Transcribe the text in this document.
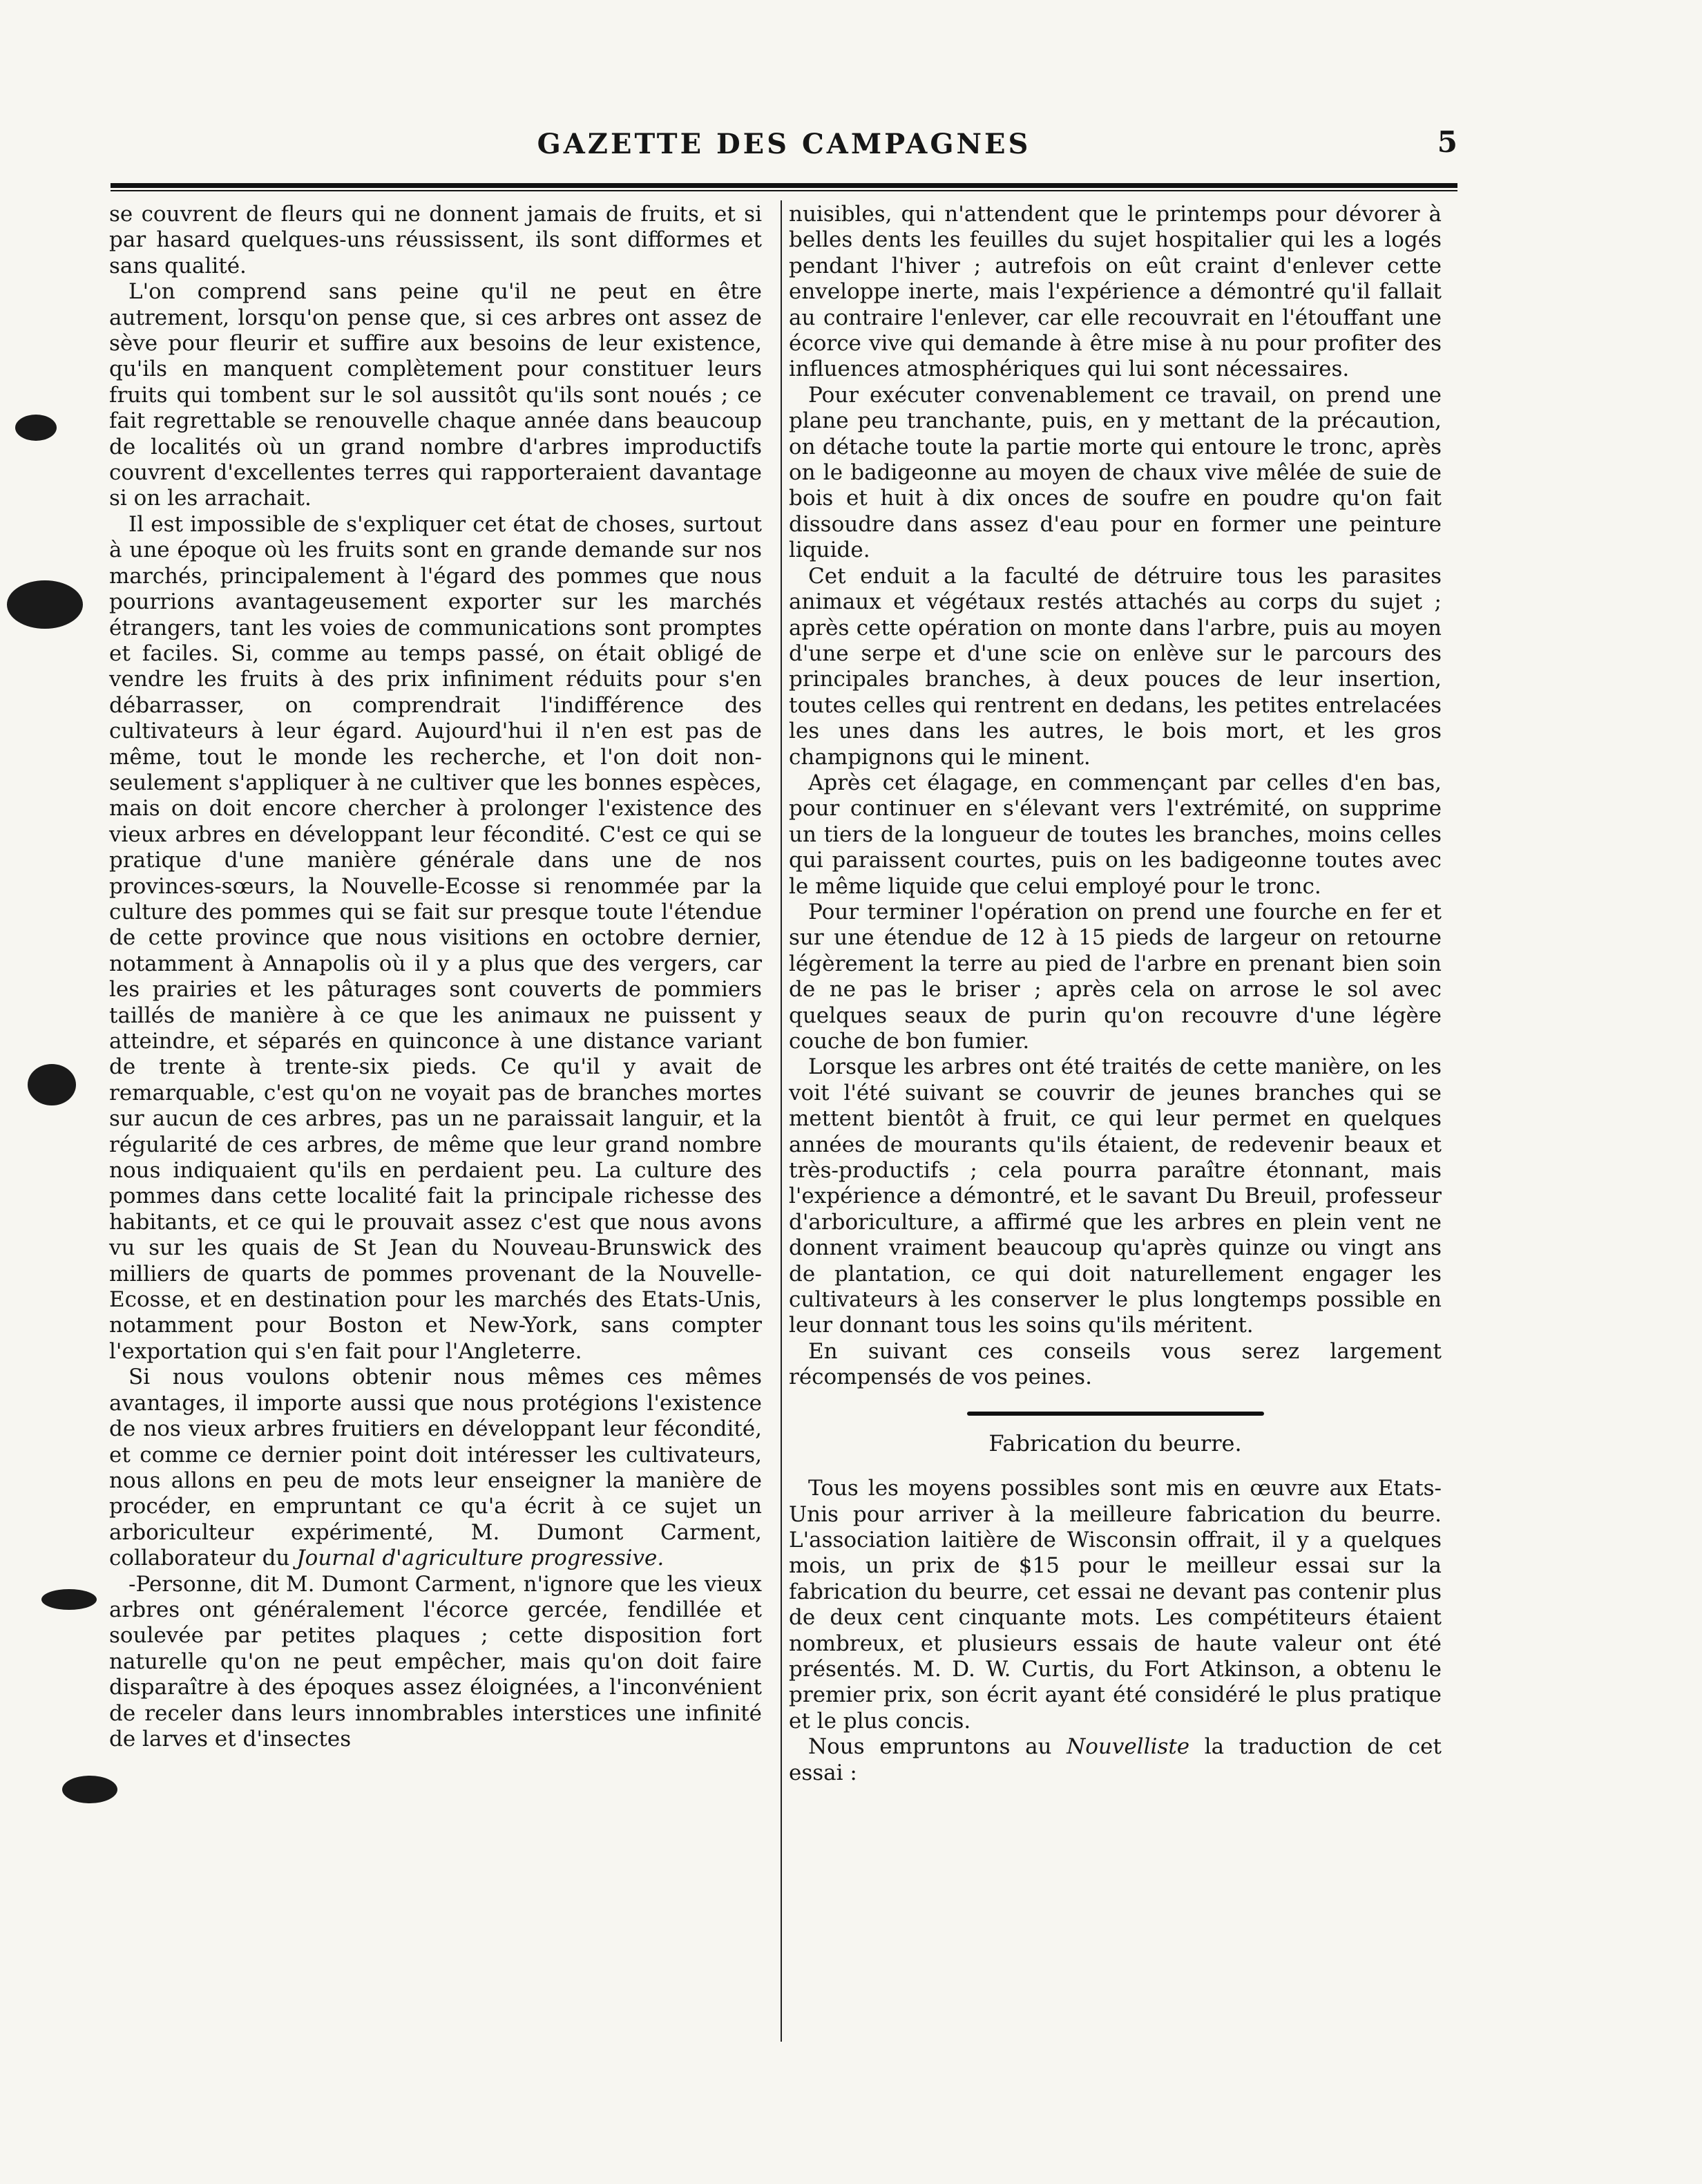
GAZETTE DES CAMPAGNES	5

se couvrent de fleurs qui ne donnent jamais de fruits, et si par hasard quelques-uns réussissent, ils sont difformes et sans qualité.

L'on comprend sans peine qu'il ne peut en être autrement, lorsqu'on pense que, si ces arbres ont assez de sève pour fleurir et suffire aux besoins de leur existence, qu'ils en manquent complètement pour constituer leurs fruits qui tombent sur le sol aussitôt qu'ils sont noués ; ce fait regrettable se renouvelle chaque année dans beaucoup de localités où un grand nombre d'arbres improductifs couvrent d'excellentes terres qui rapporteraient davantage si on les arrachait.

Il est impossible de s'expliquer cet état de choses, surtout à une époque où les fruits sont en grande demande sur nos marchés, principalement à l'égard des pommes que nous pourrions avantageusement exporter sur les marchés étrangers, tant les voies de communications sont promptes et faciles. Si, comme au temps passé, on était obligé de vendre les fruits à des prix infiniment réduits pour s'en débarrasser, on comprendrait l'indifférence des cultivateurs à leur égard. Aujourd'hui il n'en est pas de même, tout le monde les recherche, et l'on doit non-seulement s'appliquer à ne cultiver que les bonnes espèces, mais on doit encore chercher à prolonger l'existence des vieux arbres en développant leur fécondité. C'est ce qui se pratique d'une manière générale dans une de nos provinces-sœurs, la Nouvelle-Ecosse si renommée par la culture des pommes qui se fait sur presque toute l'étendue de cette province que nous visitions en octobre dernier, notamment à Annapolis où il y a plus que des vergers, car les prairies et les pâturages sont couverts de pommiers taillés de manière à ce que les animaux ne puissent y atteindre, et séparés en quinconce à une distance variant de trente à trente-six pieds. Ce qu'il y avait de remarquable, c'est qu'on ne voyait pas de branches mortes sur aucun de ces arbres, pas un ne paraissait languir, et la régularité de ces arbres, de même que leur grand nombre nous indiquaient qu'ils en perdaient peu. La culture des pommes dans cette localité fait la principale richesse des habitants, et ce qui le prouvait assez c'est que nous avons vu sur les quais de St Jean du Nouveau-Brunswick des milliers de quarts de pommes provenant de la Nouvelle-Ecosse, et en destination pour les marchés des Etats-Unis, notamment pour Boston et New-York, sans compter l'exportation qui s'en fait pour l'Angleterre.

Si nous voulons obtenir nous mêmes ces mêmes avantages, il importe aussi que nous protégions l'existence de nos vieux arbres fruitiers en développant leur fécondité, et comme ce dernier point doit intéresser les cultivateurs, nous allons en peu de mots leur enseigner la manière de procéder, en empruntant ce qu'a écrit à ce sujet un arboriculteur expérimenté, M. Dumont Carment, collaborateur du Journal d'agriculture progressive.

-Personne, dit M. Dumont Carment, n'ignore que les vieux arbres ont généralement l'écorce gercée, fendillée et soulevée par petites plaques ; cette disposition fort naturelle qu'on ne peut empêcher, mais qu'on doit faire disparaître à des époques assez éloignées, a l'inconvénient de receler dans leurs innombrables interstices une infinité de larves et d'insectes

nuisibles, qui n'attendent que le printemps pour dévorer à belles dents les feuilles du sujet hospitalier qui les a logés pendant l'hiver ; autrefois on eût craint d'enlever cette enveloppe inerte, mais l'expérience a démontré qu'il fallait au contraire l'enlever, car elle recouvrait en l'étouffant une écorce vive qui demande à être mise à nu pour profiter des influences atmosphériques qui lui sont nécessaires.

Pour exécuter convenablement ce travail, on prend une plane peu tranchante, puis, en y mettant de la précaution, on détache toute la partie morte qui entoure le tronc, après on le badigeonne au moyen de chaux vive mêlée de suie de bois et huit à dix onces de soufre en poudre qu'on fait dissoudre dans assez d'eau pour en former une peinture liquide.

Cet enduit a la faculté de détruire tous les parasites animaux et végétaux restés attachés au corps du sujet ; après cette opération on monte dans l'arbre, puis au moyen d'une serpe et d'une scie on enlève sur le parcours des principales branches, à deux pouces de leur insertion, toutes celles qui rentrent en dedans, les petites entrelacées les unes dans les autres, le bois mort, et les gros champignons qui le minent.

Après cet élagage, en commençant par celles d'en bas, pour continuer en s'élevant vers l'extrémité, on supprime un tiers de la longueur de toutes les branches, moins celles qui paraissent courtes, puis on les badigeonne toutes avec le même liquide que celui employé pour le tronc.

Pour terminer l'opération on prend une fourche en fer et sur une étendue de 12 à 15 pieds de largeur on retourne légèrement la terre au pied de l'arbre en prenant bien soin de ne pas le briser ; après cela on arrose le sol avec quelques seaux de purin qu'on recouvre d'une légère couche de bon fumier.

Lorsque les arbres ont été traités de cette manière, on les voit l'été suivant se couvrir de jeunes branches qui se mettent bientôt à fruit, ce qui leur permet en quelques années de mourants qu'ils étaient, de redevenir beaux et très-productifs ; cela pourra paraître étonnant, mais l'expérience a démontré, et le savant Du Breuil, professeur d'arboriculture, a affirmé que les arbres en plein vent ne donnent vraiment beaucoup qu'après quinze ou vingt ans de plantation, ce qui doit naturellement engager les cultivateurs à les conserver le plus longtemps possible en leur donnant tous les soins qu'ils méritent.

En suivant ces conseils vous serez largement récompensés de vos peines.

Fabrication du beurre.

Tous les moyens possibles sont mis en œuvre aux Etats-Unis pour arriver à la meilleure fabrication du beurre. L'association laitière de Wisconsin offrait, il y a quelques mois, un prix de $15 pour le meilleur essai sur la fabrication du beurre, cet essai ne devant pas contenir plus de deux cent cinquante mots. Les compétiteurs étaient nombreux, et plusieurs essais de haute valeur ont été présentés. M. D. W. Curtis, du Fort Atkinson, a obtenu le premier prix, son écrit ayant été considéré le plus pratique et le plus concis.

Nous empruntons au Nouvelliste la traduction de cet essai :
